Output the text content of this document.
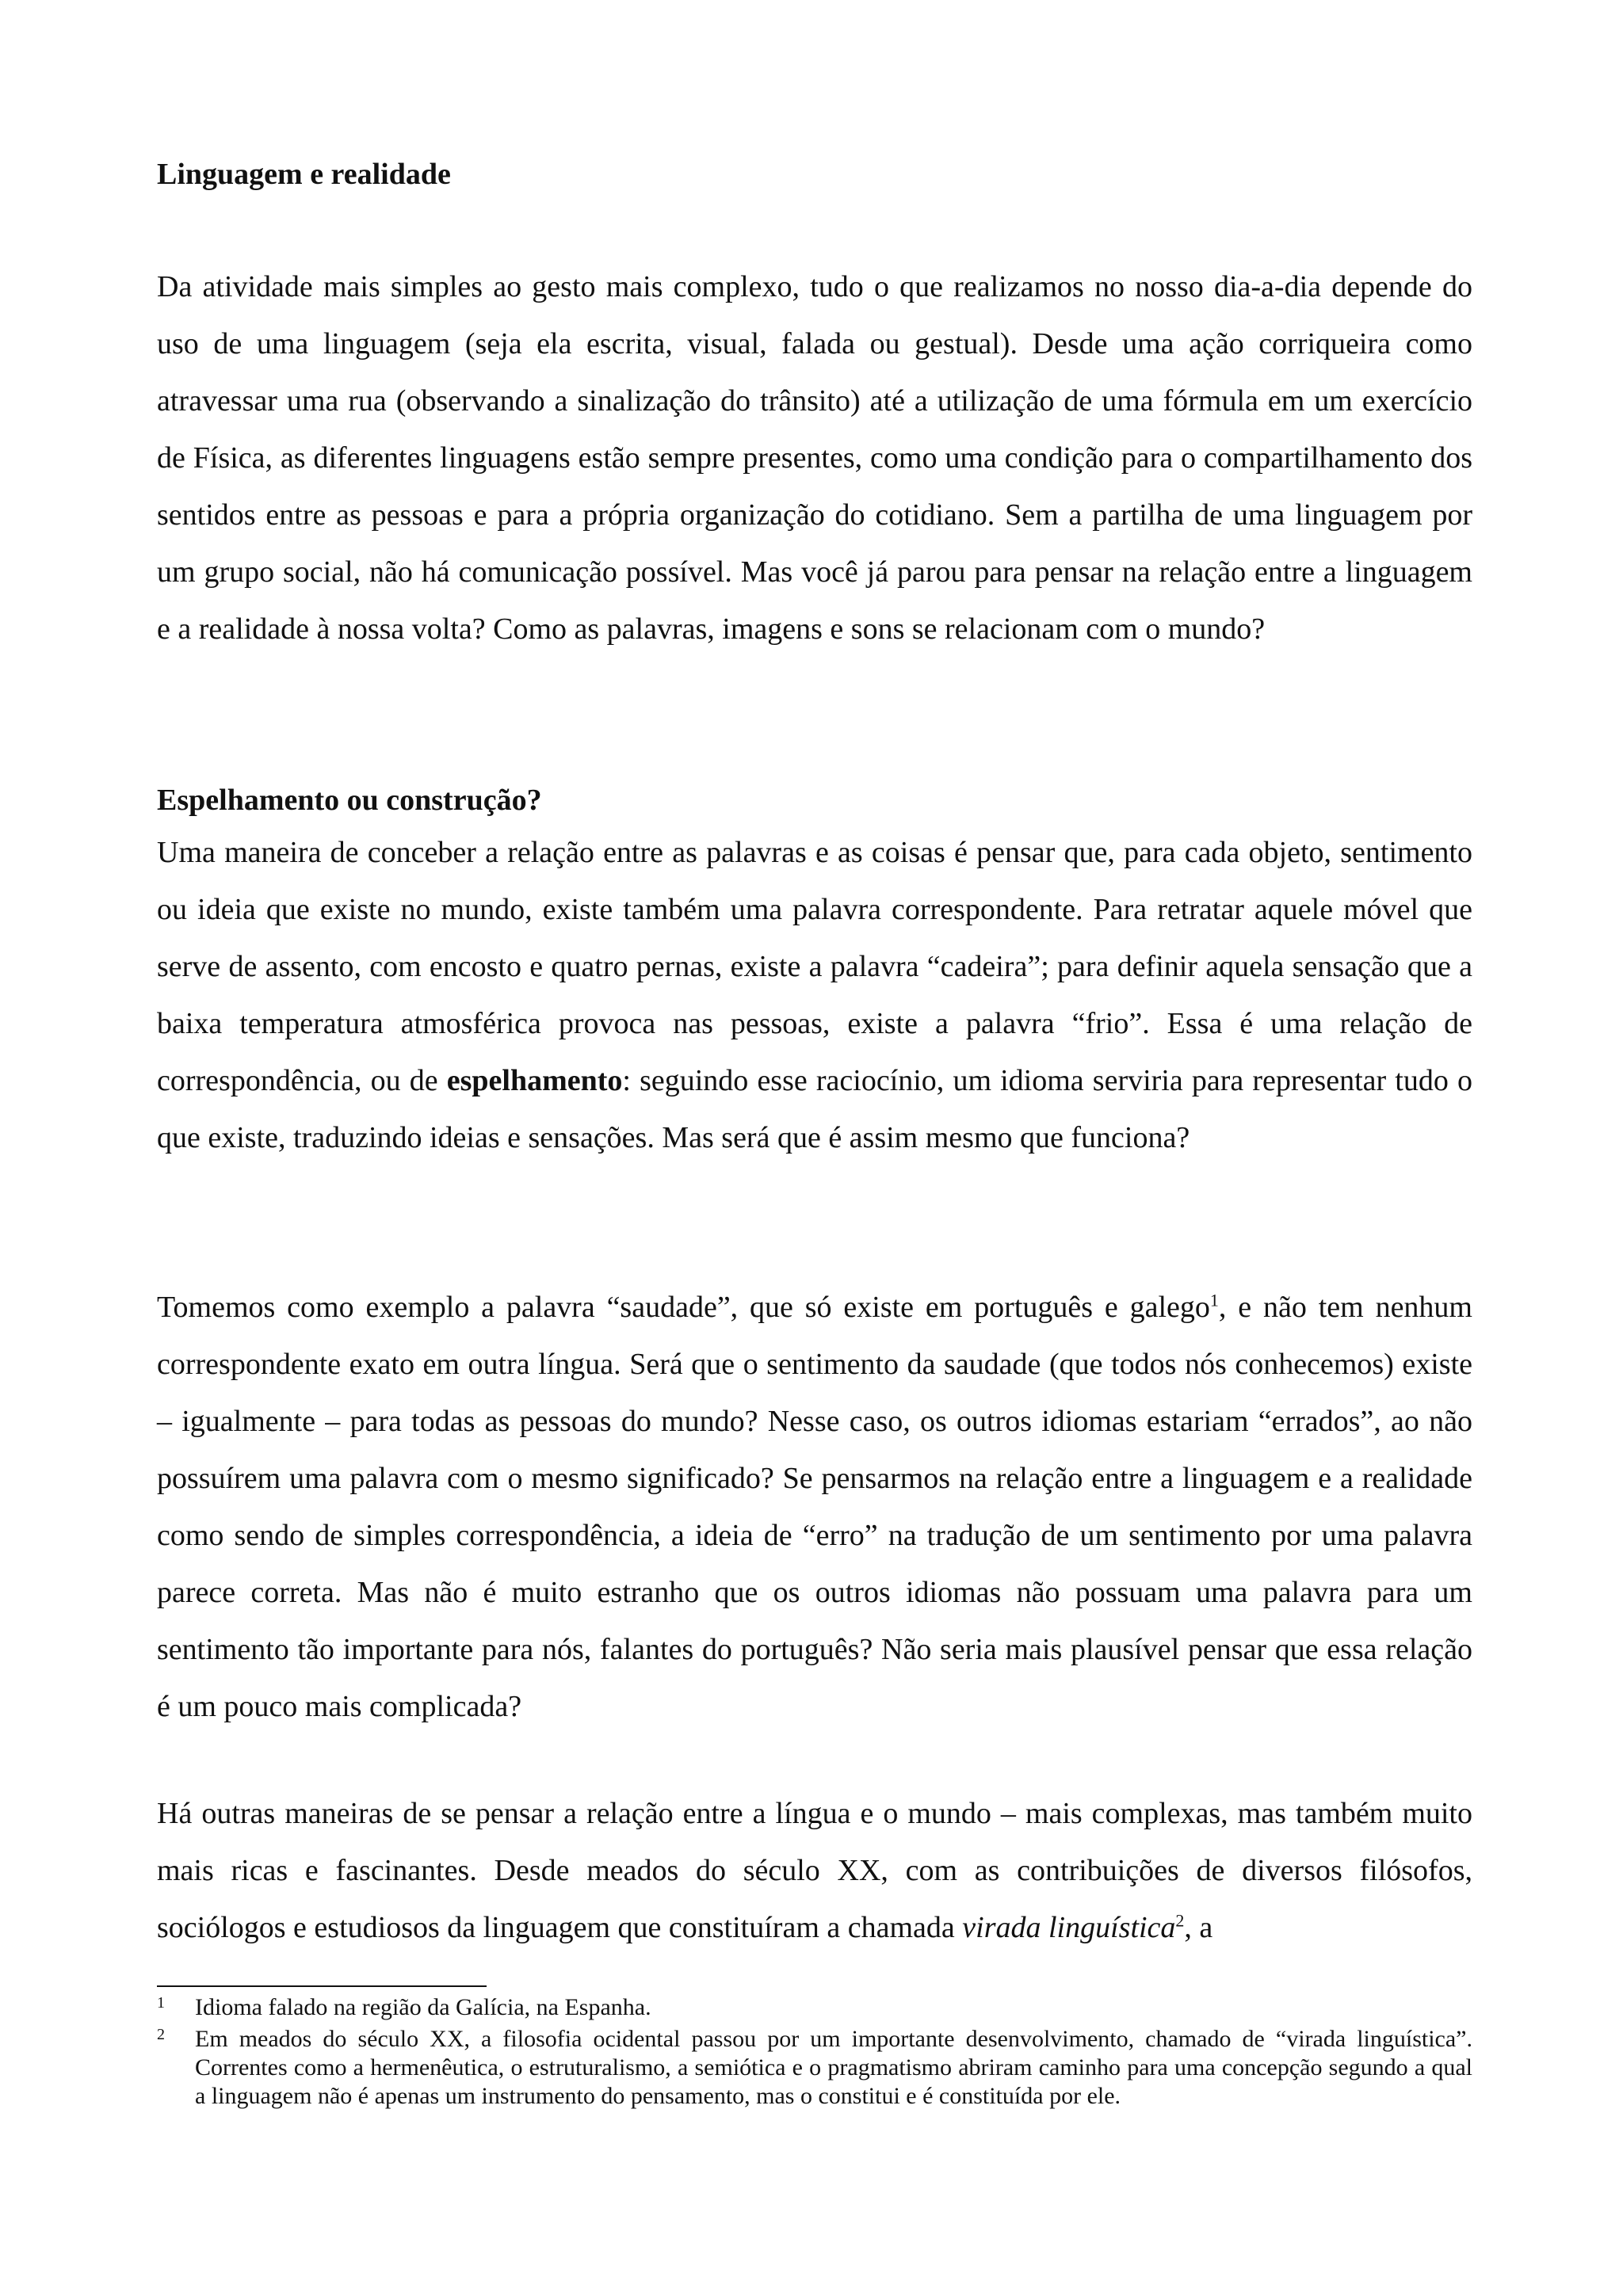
Linguagem e realidade

Da atividade mais simples ao gesto mais complexo, tudo o que realizamos no nosso dia-a-dia depende do uso de uma linguagem (seja ela escrita, visual, falada ou gestual). Desde uma ação corriqueira como atravessar uma rua (observando a sinalização do trânsito) até a utilização de uma fórmula em um exercício de Física, as diferentes linguagens estão sempre presentes, como uma condição para o compartilhamento dos sentidos entre as pessoas e para a própria organização do cotidiano. Sem a partilha de uma linguagem por um grupo social, não há comunicação possível. Mas você já parou para pensar na relação entre a linguagem e a realidade à nossa volta? Como as palavras, imagens e sons se relacionam com o mundo?

Espelhamento ou construção?

Uma maneira de conceber a relação entre as palavras e as coisas é pensar que, para cada objeto, sentimento ou ideia que existe no mundo, existe também uma palavra correspondente. Para retratar aquele móvel que serve de assento, com encosto e quatro pernas, existe a palavra “cadeira”; para definir aquela sensação que a baixa temperatura atmosférica provoca nas pessoas, existe a palavra “frio”. Essa é uma relação de correspondência, ou de espelhamento: seguindo esse raciocínio, um idioma serviria para representar tudo o que existe, traduzindo ideias e sensações. Mas será que é assim mesmo que funciona?

Tomemos como exemplo a palavra “saudade”, que só existe em português e galego$^1$, e não tem nenhum correspondente exato em outra língua. Será que o sentimento da saudade (que todos nós conhecemos) existe – igualmente – para todas as pessoas do mundo? Nesse caso, os outros idiomas estariam “errados”, ao não possuírem uma palavra com o mesmo significado? Se pensarmos na relação entre a linguagem e a realidade como sendo de simples correspondência, a ideia de “erro” na tradução de um sentimento por uma palavra parece correta. Mas não é muito estranho que os outros idiomas não possuam uma palavra para um sentimento tão importante para nós, falantes do português? Não seria mais plausível pensar que essa relação é um pouco mais complicada?

Há outras maneiras de se pensar a relação entre a língua e o mundo – mais complexas, mas também muito mais ricas e fascinantes. Desde meados do século XX, com as contribuições de diversos filósofos, sociólogos e estudiosos da linguagem que constituíram a chamada virada linguística$^2$, a

1 Idioma falado na região da Galícia, na Espanha.
2 Em meados do século XX, a filosofia ocidental passou por um importante desenvolvimento, chamado de “virada linguística”. Correntes como a hermenêutica, o estruturalismo, a semiótica e o pragmatismo abriram caminho para uma concepção segundo a qual a linguagem não é apenas um instrumento do pensamento, mas o constitui e é constituída por ele.
